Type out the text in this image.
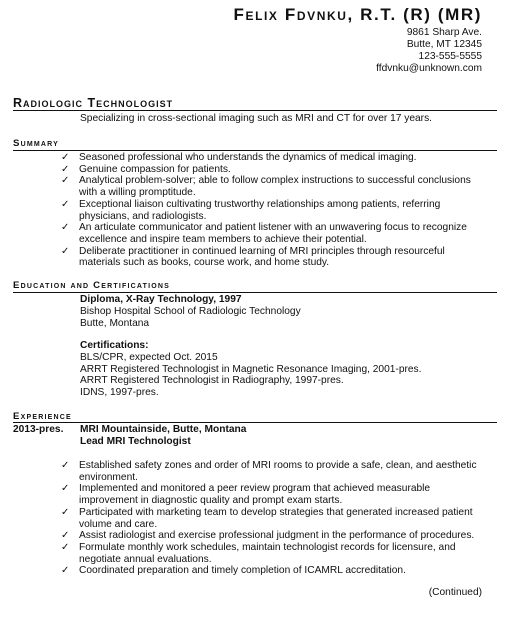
Felix Fdvnku, R.T. (R) (MR)
9861 Sharp Ave.
Butte, MT 12345
123-555-5555
ffdvnku@unknown.com
Radiologic Technologist
Specializing in cross-sectional imaging such as MRI and CT for over 17 years.
Summary
✓ Seasoned professional who understands the dynamics of medical imaging.
✓ Genuine compassion for patients.
✓ Analytical problem-solver; able to follow complex instructions to successful conclusions
with a willing promptitude.
✓ Exceptional liaison cultivating trustworthy relationships among patients, referring
physicians, and radiologists.
✓ An articulate communicator and patient listener with an unwavering focus to recognize
excellence and inspire team members to achieve their potential.
✓ Deliberate practitioner in continued learning of MRI principles through resourceful
materials such as books, course work, and home study.
Education and Certifications
Diploma, X-Ray Technology, 1997
Bishop Hospital School of Radiologic Technology
Butte, Montana
Certifications:
BLS/CPR, expected Oct. 2015
ARRT Registered Technologist in Magnetic Resonance Imaging, 2001-pres.
ARRT Registered Technologist in Radiography, 1997-pres.
IDNS, 1997-pres.
Experience
2013-pres. MRI Mountainside, Butte, Montana
Lead MRI Technologist
✓ Established safety zones and order of MRI rooms to provide a safe, clean, and aesthetic
environment.
✓ Implemented and monitored a peer review program that achieved measurable
improvement in diagnostic quality and prompt exam starts.
✓ Participated with marketing team to develop strategies that generated increased patient
volume and care.
✓ Assist radiologist and exercise professional judgment in the performance of procedures.
✓ Formulate monthly work schedules, maintain technologist records for licensure, and
negotiate annual evaluations.
✓ Coordinated preparation and timely completion of ICAMRL accreditation.
(Continued)
